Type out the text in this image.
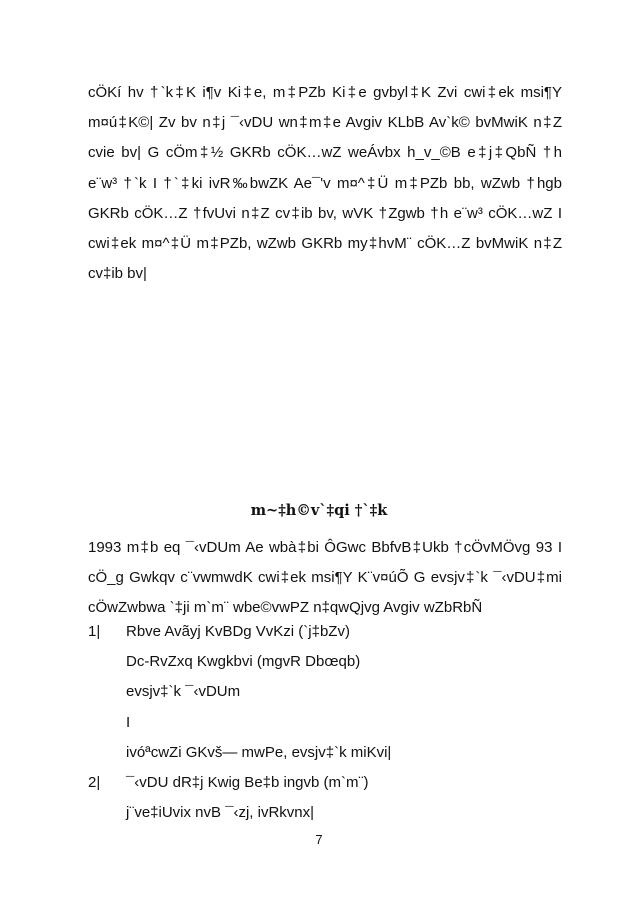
cÖKí hv †`k‡K i¶v Ki‡e, m‡PZb Ki‡e gvbyl‡K Zvi cwi‡ek msi¶Y
m¤ú‡K©| Zv bv n‡j ¯‹vDU wn‡m‡e Avgiv KLbB Av`k© bvMwiK n‡Z
cvie bv| G cÖm‡½ GKRb cÖK…wZ weÁvbx h_v_©B e‡j‡QbÑ †h
e¨w³ †`k I †`‡ki ivR‰bwZK Ae¯'v m¤^‡Ü m‡PZb bb, wZwb †hgb
GKRb cÖK…Z †fvUvi n‡Z cv‡ib bv, wVK †Zgwb †h e¨w³ cÖK…wZ I
cwi‡ek m¤^‡Ü m‡PZb, wZwb GKRb my‡hvM¨ cÖK…Z bvMwiK n‡Z
cv‡ib bv|
m~‡h©v`‡qi †`‡k
1993 m‡b eq ¯‹vDUm Ae wbà‡bi ÔGwc BbfvB‡Ukb †cÖvMÖvg 93 I
cÖ_g Gwkqv c¨vwmwdK cwi‡ek msi¶Y K¨v¤úÕ G evsjv‡`k ¯‹vDU‡mi
cÖwZwbwa `‡ji m`m¨ wbe©vwPZ n‡qwQjvg Avgiv wZbRbÑ
1|	Rbve Avãyj KvBDg VvKzi (`j‡bZv)
Dc-RvZxq Kwgkbvi (mgvR Dbœqb)
evsjv‡`k ¯‹vDUm
I
ivóªcwZi GKvš— mwPe, evsjv‡`k miKvi|
2|	¯‹vDU dR‡j Kwig Be‡b ingvb (m`m¨)
j¨ve‡iUvix nvB ¯‹zj, ivRkvnx|
7
